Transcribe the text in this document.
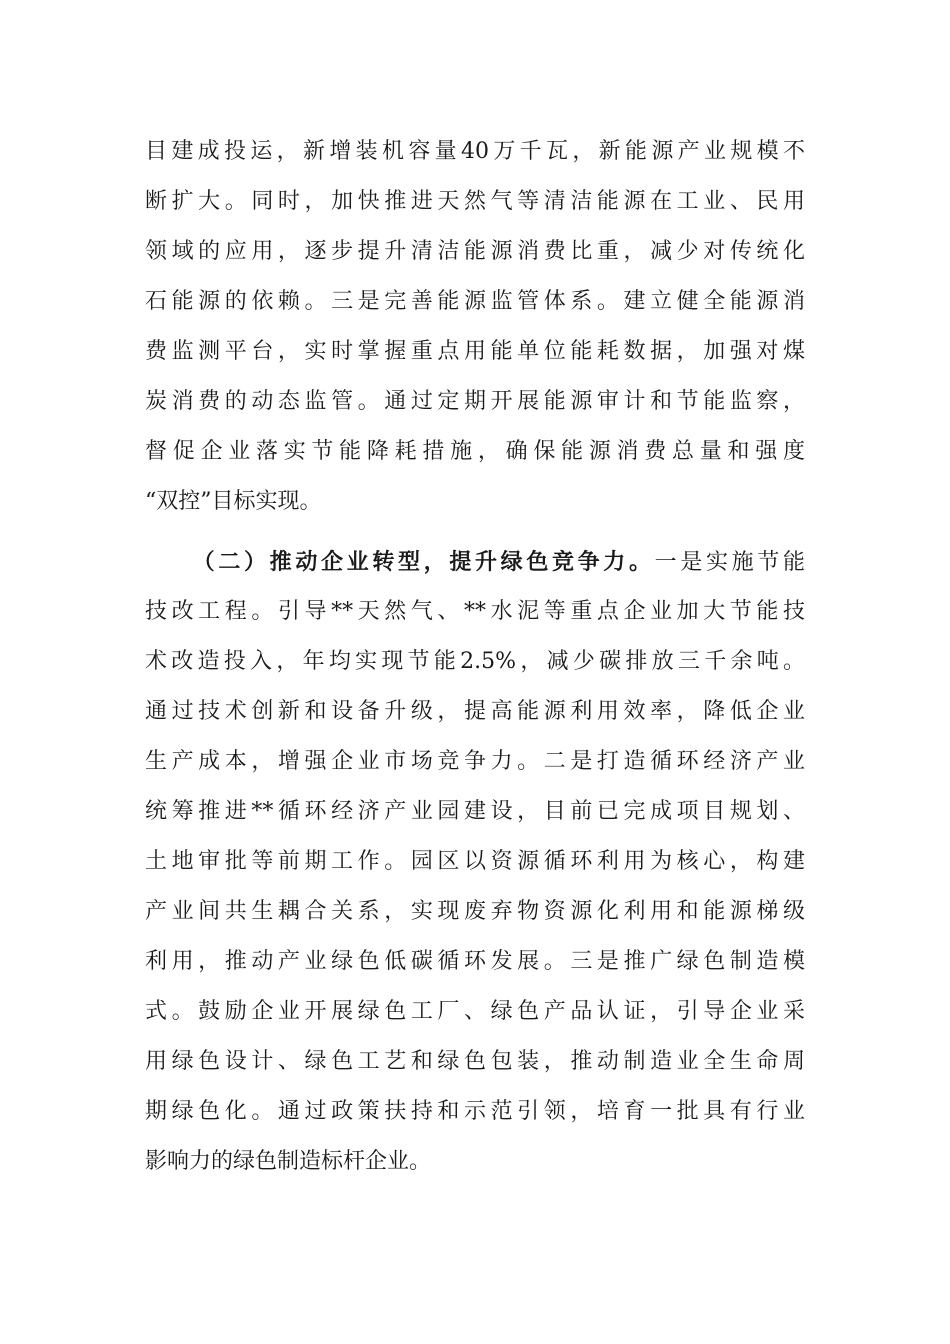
目建成投运，新增装机容量40万千瓦，新能源产业规模不
断扩大。同时，加快推进天然气等清洁能源在工业、民用
领域的应用，逐步提升清洁能源消费比重，减少对传统化
石能源的依赖。三是完善能源监管体系。建立健全能源消
费监测平台，实时掌握重点用能单位能耗数据，加强对煤
炭消费的动态监管。通过定期开展能源审计和节能监察，
督促企业落实节能降耗措施，确保能源消费总量和强度
“双控”目标实现。
（二）推动企业转型，提升绿色竞争力。一是实施节能
技改工程。引导**天然气、**水泥等重点企业加大节能技
术改造投入，年均实现节能2.5%，减少碳排放三千余吨。
通过技术创新和设备升级，提高能源利用效率，降低企业
生产成本，增强企业市场竞争力。二是打造循环经济产业
统筹推进**循环经济产业园建设，目前已完成项目规划、
土地审批等前期工作。园区以资源循环利用为核心，构建
产业间共生耦合关系，实现废弃物资源化利用和能源梯级
利用，推动产业绿色低碳循环发展。三是推广绿色制造模
式。鼓励企业开展绿色工厂、绿色产品认证，引导企业采
用绿色设计、绿色工艺和绿色包装，推动制造业全生命周
期绿色化。通过政策扶持和示范引领，培育一批具有行业
影响力的绿色制造标杆企业。
